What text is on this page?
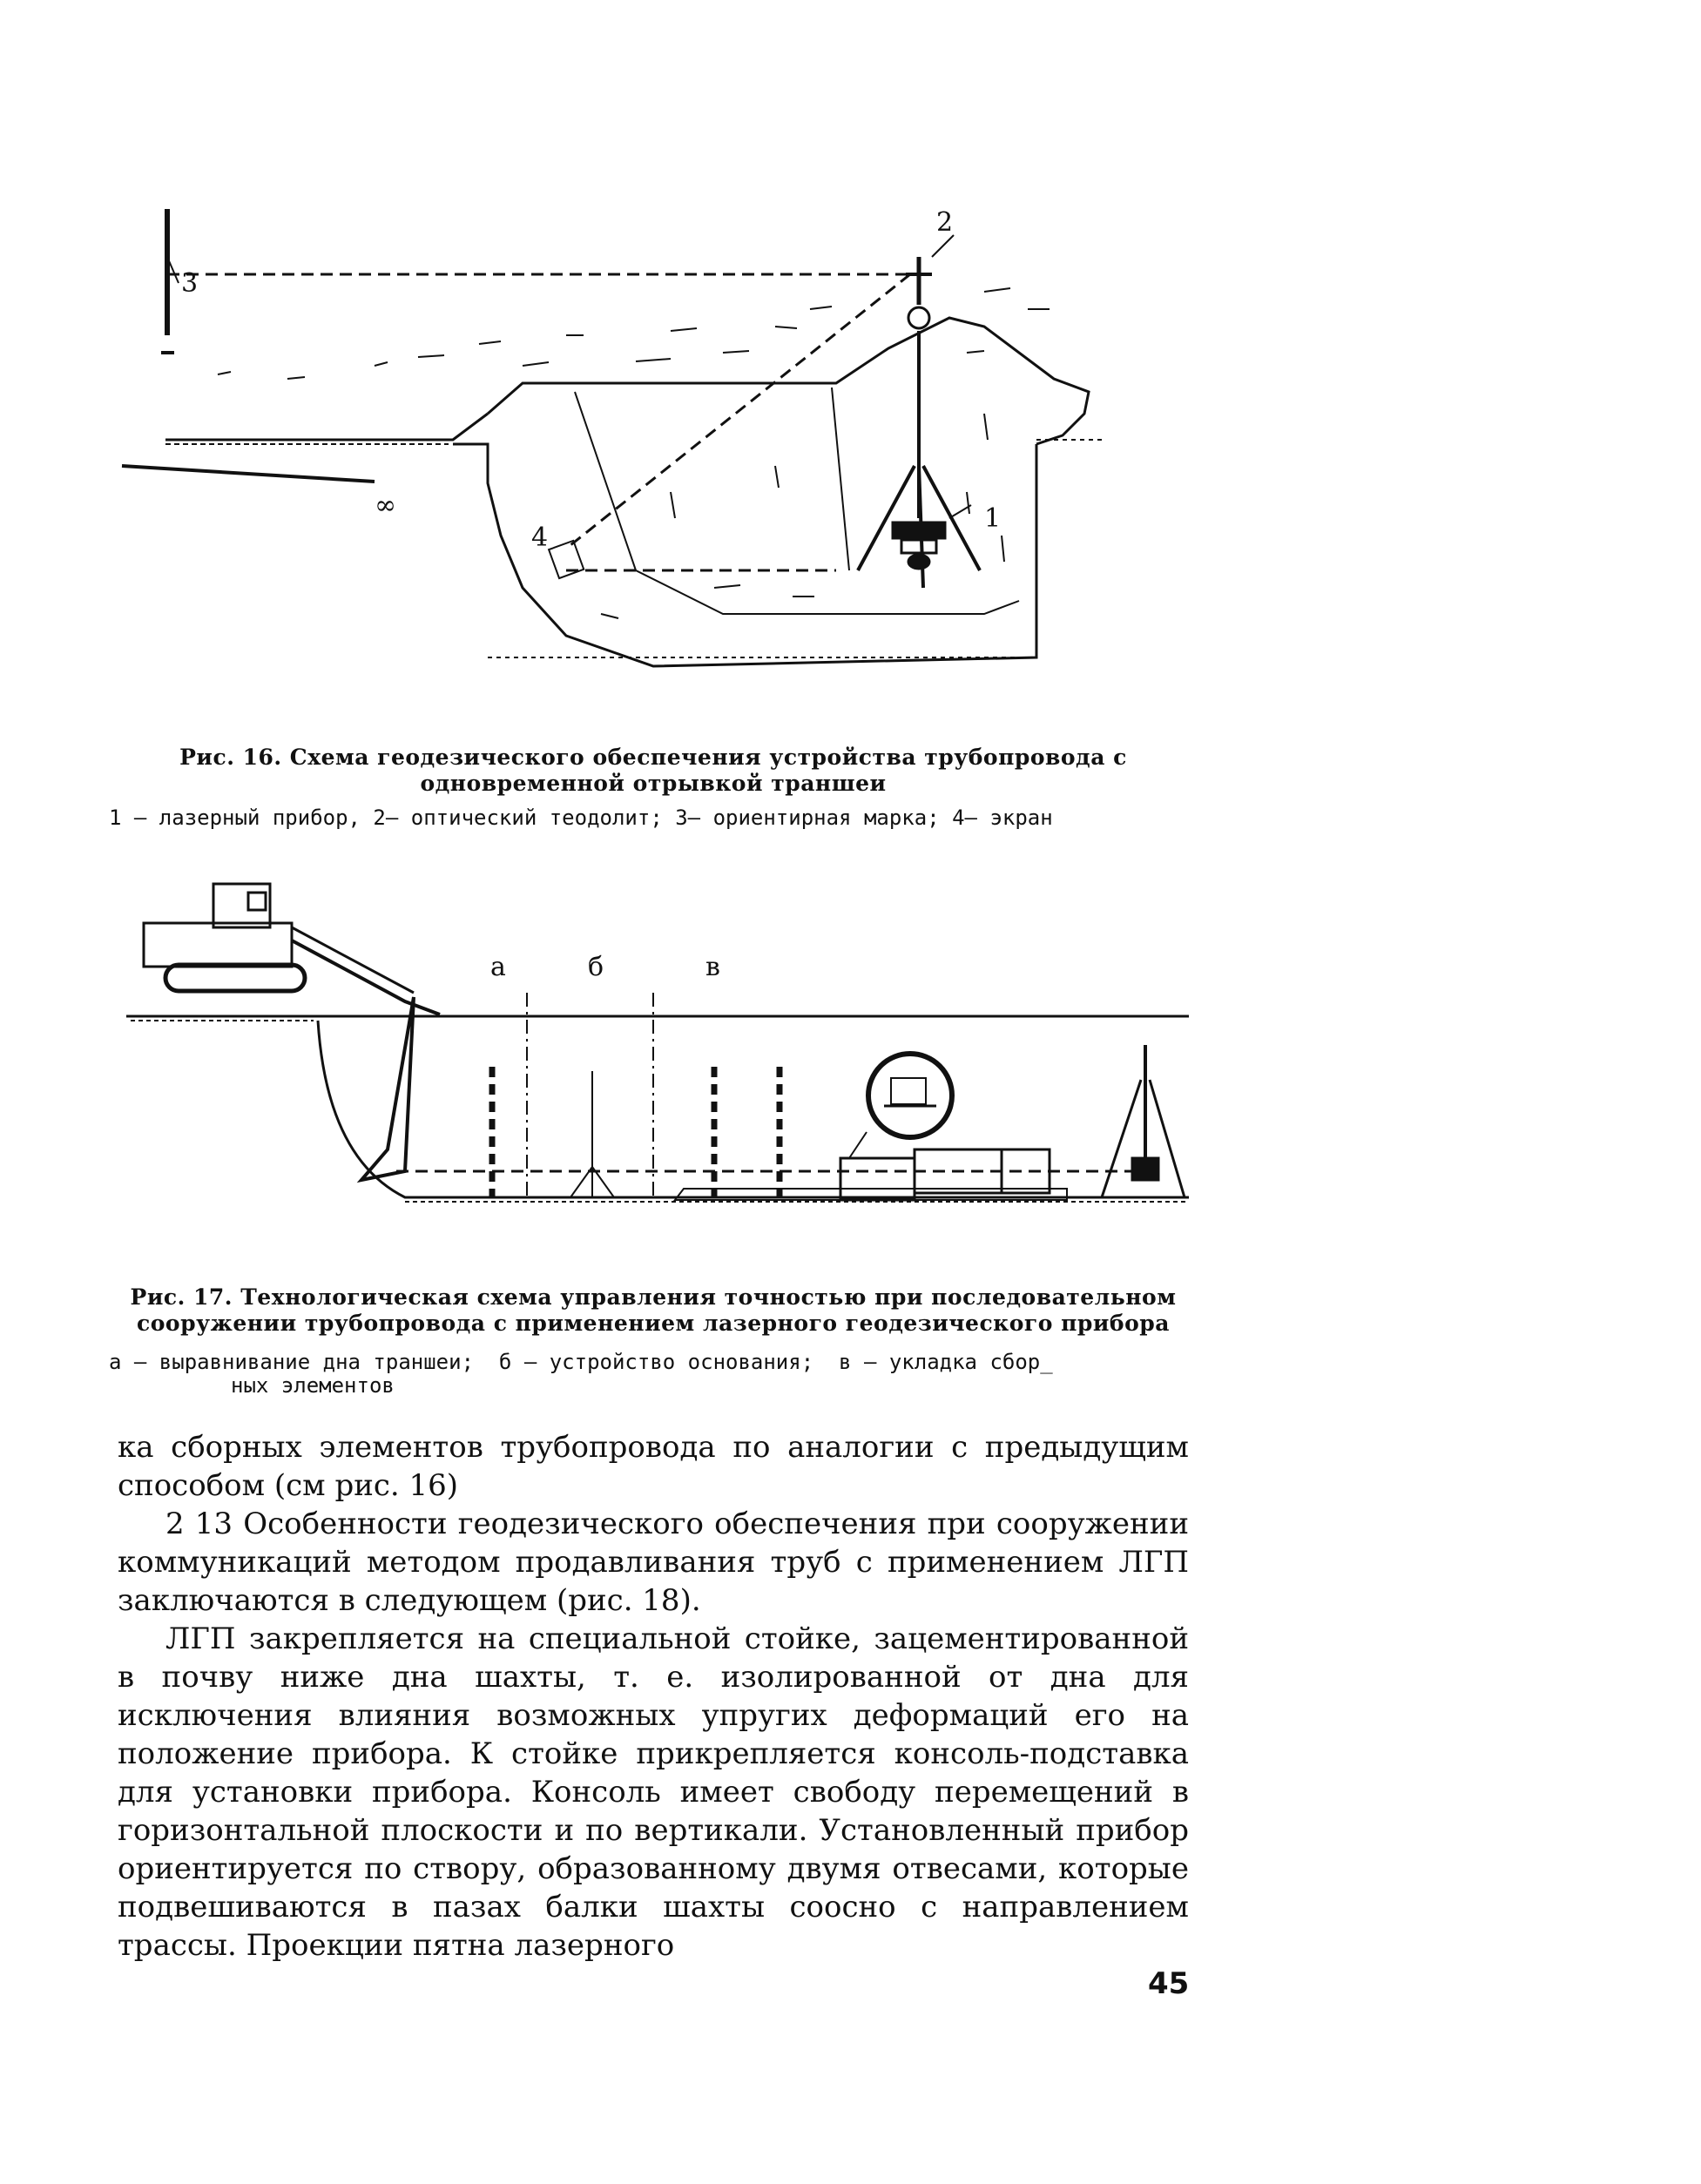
2
3
4
1
∞
Рис. 16. Схема геодезического обеспечения устройства трубопровода с одновременной отрывкой траншеи
1 — лазерный прибор, 2— оптический теодолит; 3— ориентирная марка; 4— экран
а	б	в
Рис. 17. Технологическая схема управления точностью при последовательном сооружении трубопровода с применением лазерного геодезического прибора
а — выравнивание дна траншеи;  б — устройство основания;  в — укладка сбор_
ных элементов

ка сборных элементов трубопровода по аналогии с предыдущим способом (см рис. 16)

2 13 Особенности геодезического обеспечения при сооружении коммуникаций методом продавливания труб с применением ЛГП заключаются в следующем (рис. 18).

ЛГП закрепляется на специальной стойке, зацементированной в почву ниже дна шахты, т. е. изолированной от дна для исключения влияния возможных упругих деформаций его на положение прибора. К стойке прикрепляется консоль-подставка для установки прибора. Консоль имеет свободу перемещений в горизонтальной плоскости и по вертикали. Установленный прибор ориентируется по створу, образованному двумя отвесами, которые подвешиваются в пазах балки шахты соосно с направлением трассы. Проекции пятна лазерного

45
